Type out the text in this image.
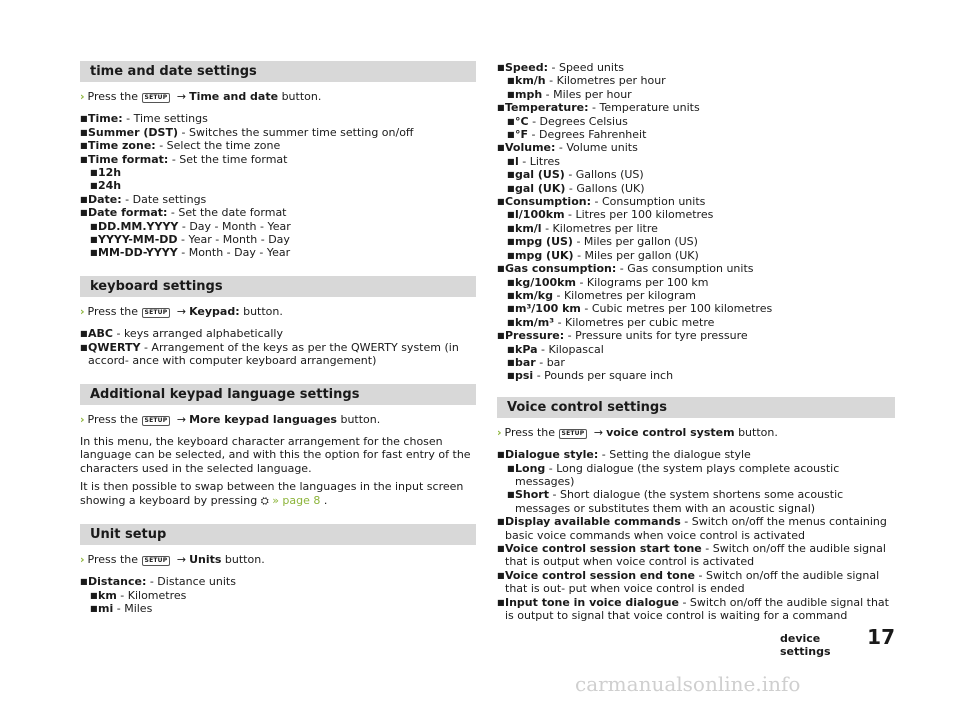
time and date settings
› Press the SETUP → Time and date button.
■ Time: - Time settings
■ Summer (DST) - Switches the summer time setting on/off
■ Time zone: - Select the time zone
■ Time format: - Set the time format
■ 12h
■ 24h
■ Date: - Date settings
■ Date format: - Set the date format
■ DD.MM.YYYY - Day - Month - Year
■ YYYY-MM-DD - Year - Month - Day
■ MM-DD-YYYY - Month - Day - Year
keyboard settings
› Press the SETUP → Keypad: button.
■ ABC - keys arranged alphabetically
■ QWERTY - Arrangement of the keys as per the QWERTY system (in accord- ance with computer keyboard arrangement)
Additional keypad language settings
› Press the SETUP → More keypad languages button.

In this menu, the keyboard character arrangement for the chosen language can be selected, and with this the option for fast entry of the characters used in the selected language.

It is then possible to swap between the languages in the input screen showing a keyboard by pressing ⛭ » page 8 .

Unit setup
› Press the SETUP → Units button.
■ Distance: - Distance units
■ km - Kilometres
■ mi - Miles
■ Speed: - Speed units
■ km/h - Kilometres per hour
■ mph - Miles per hour
■ Temperature: - Temperature units
■ °C - Degrees Celsius
■ °F - Degrees Fahrenheit
■ Volume: - Volume units
■ l - Litres
■ gal (US) - Gallons (US)
■ gal (UK) - Gallons (UK)
■ Consumption: - Consumption units
■ l/100km - Litres per 100 kilometres
■ km/l - Kilometres per litre
■ mpg (US) - Miles per gallon (US)
■ mpg (UK) - Miles per gallon (UK)
■ Gas consumption: - Gas consumption units
■ kg/100km - Kilograms per 100 km
■ km/kg - Kilometres per kilogram
■ m³/100 km - Cubic metres per 100 kilometres
■ km/m³ - Kilometres per cubic metre
■ Pressure: - Pressure units for tyre pressure
■ kPa - Kilopascal
■ bar - bar
■ psi - Pounds per square inch
Voice control settings
› Press the SETUP → voice control system button.
■ Dialogue style: - Setting the dialogue style
■ Long - Long dialogue (the system plays complete acoustic messages)
■ Short - Short dialogue (the system shortens some acoustic messages or substitutes them with an acoustic signal)
■ Display available commands - Switch on/off the menus containing basic voice commands when voice control is activated
■ Voice control session start tone - Switch on/off the audible signal that is output when voice control is activated
■ Voice control session end tone - Switch on/off the audible signal that is out- put when voice control is ended
■ Input tone in voice dialogue - Switch on/off the audible signal that is output to signal that voice control is waiting for a command
device settings
17
carmanualsonline.info
